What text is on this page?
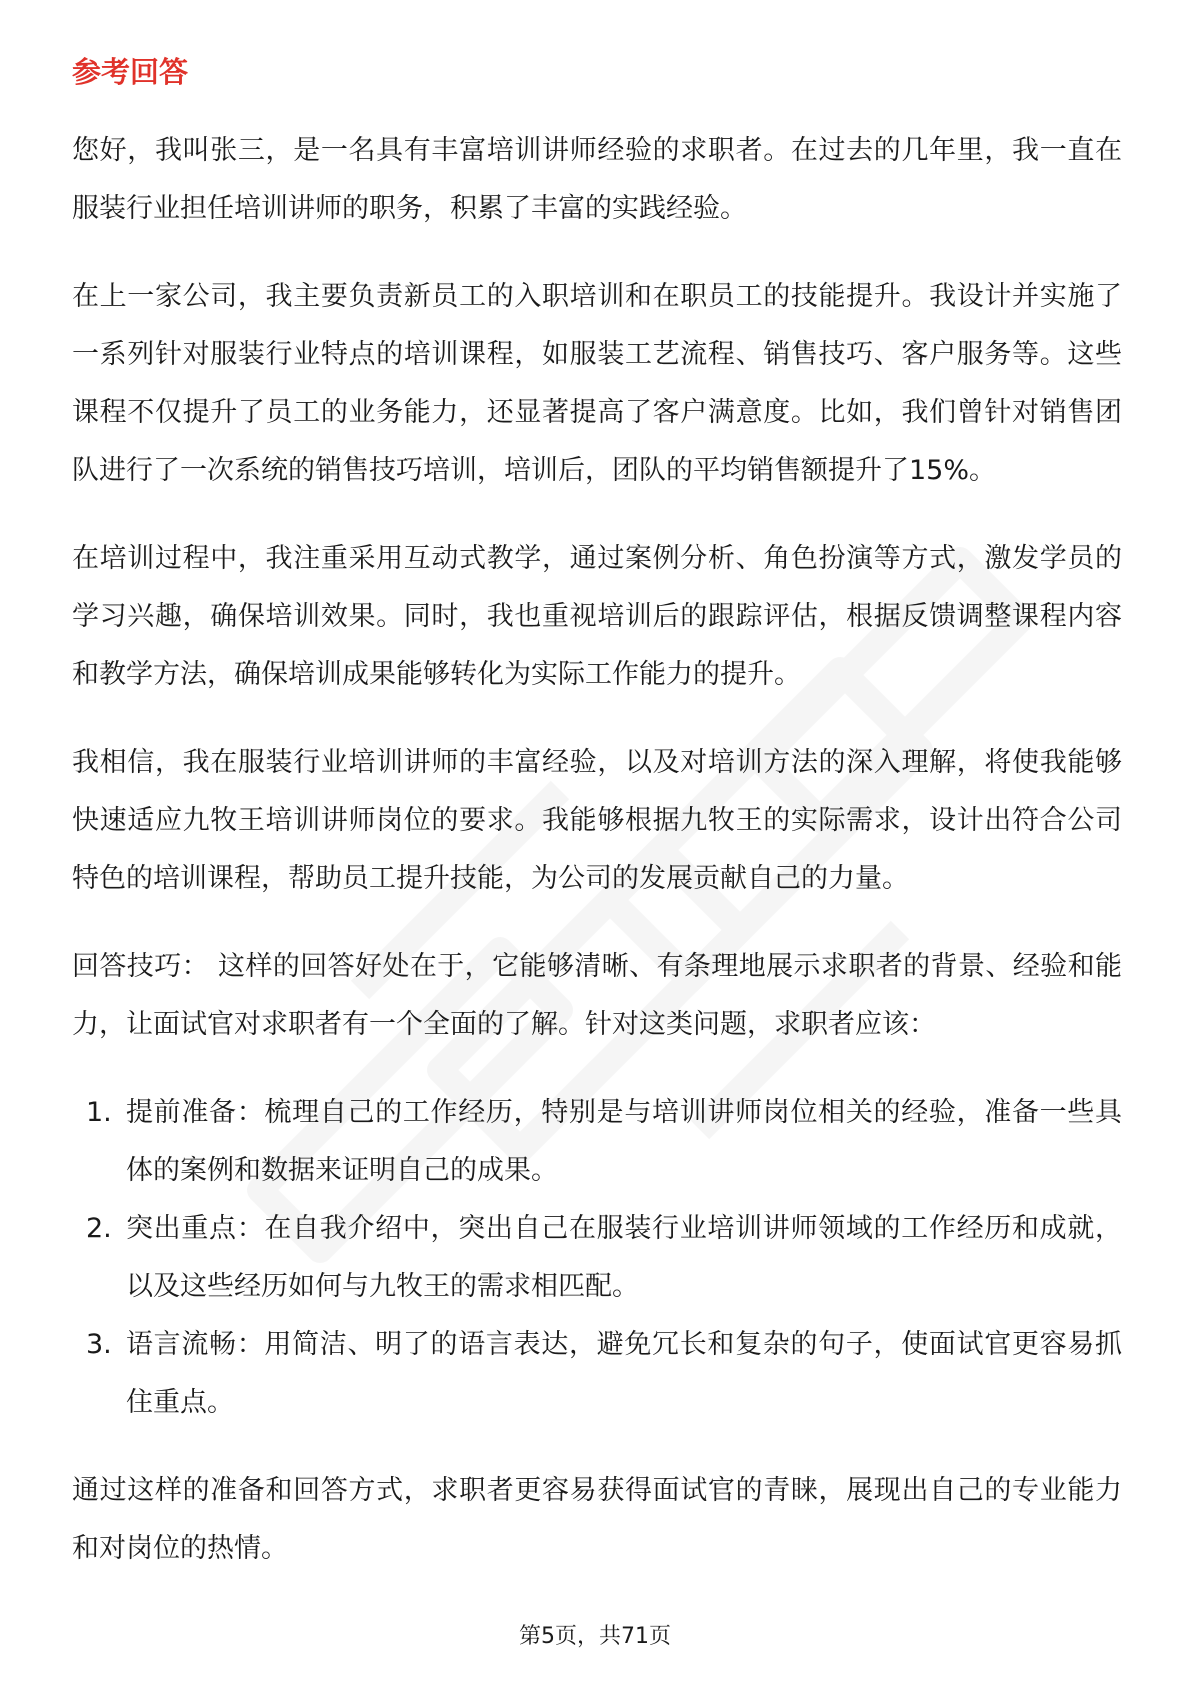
参考回答

您好，我叫张三，是一名具有丰富培训讲师经验的求职者。在过去的几年里，我一直在服装行业担任培训讲师的职务，积累了丰富的实践经验。

在上一家公司，我主要负责新员工的入职培训和在职员工的技能提升。我设计并实施了一系列针对服装行业特点的培训课程，如服装工艺流程、销售技巧、客户服务等。这些课程不仅提升了员工的业务能力，还显著提高了客户满意度。比如，我们曾针对销售团队进行了一次系统的销售技巧培训，培训后，团队的平均销售额提升了15%。

在培训过程中，我注重采用互动式教学，通过案例分析、角色扮演等方式，激发学员的学习兴趣，确保培训效果。同时，我也重视培训后的跟踪评估，根据反馈调整课程内容和教学方法，确保培训成果能够转化为实际工作能力的提升。

我相信，我在服装行业培训讲师的丰富经验，以及对培训方法的深入理解，将使我能够快速适应九牧王培训讲师岗位的要求。我能够根据九牧王的实际需求，设计出符合公司特色的培训课程，帮助员工提升技能，为公司的发展贡献自己的力量。

回答技巧： 这样的回答好处在于，它能够清晰、有条理地展示求职者的背景、经验和能力，让面试官对求职者有一个全面的了解。针对这类问题，求职者应该：

1. 提前准备：梳理自己的工作经历，特别是与培训讲师岗位相关的经验，准备一些具体的案例和数据来证明自己的成果。
2. 突出重点：在自我介绍中，突出自己在服装行业培训讲师领域的工作经历和成就，以及这些经历如何与九牧王的需求相匹配。
3. 语言流畅：用简洁、明了的语言表达，避免冗长和复杂的句子，使面试官更容易抓住重点。

通过这样的准备和回答方式，求职者更容易获得面试官的青睐，展现出自己的专业能力和对岗位的热情。

第5页，共71页
